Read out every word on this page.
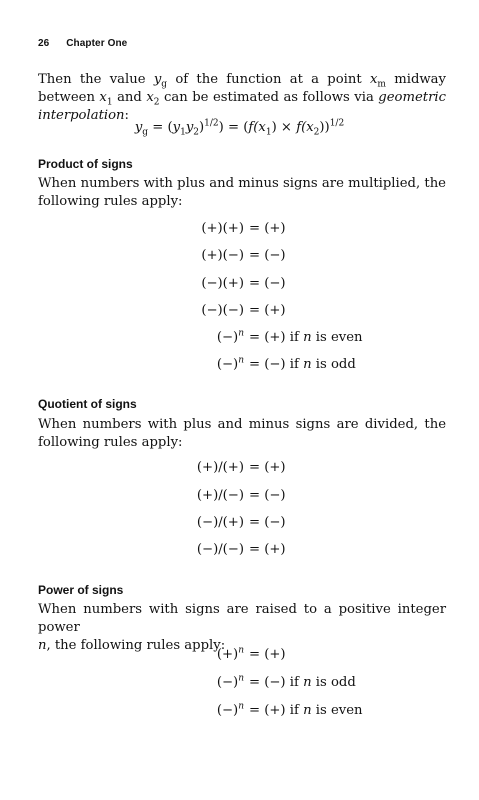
26 Chapter One
Then the value $y_g$ of the function at a point $x_m$ midway between $x_1$ and $x_2$ can be estimated as follows via geometric interpolation:
$y_g = (y_1y_2)^{1/2}) = (f(x_1) \times f(x_2))^{1/2}$
Product of signs
When numbers with plus and minus signs are multiplied, the following rules apply:
(+)(+) = (+)
(+)(−) = (−)
(−)(+) = (−)
(−)(−) = (+)
$(-)^n$ = (+) if n is even
$(-)^n$ = (−) if n is odd
Quotient of signs
When numbers with plus and minus signs are divided, the following rules apply:
(+)/(+) = (+)
(+)/(−) = (−)
(−)/(+) = (−)
(−)/(−) = (+)
Power of signs
When numbers with signs are raised to a positive integer power
n, the following rules apply:
$(+)^n$ = (+)
$(-)^n$ = (−) if n is odd
$(-)^n$ = (+) if n is even
